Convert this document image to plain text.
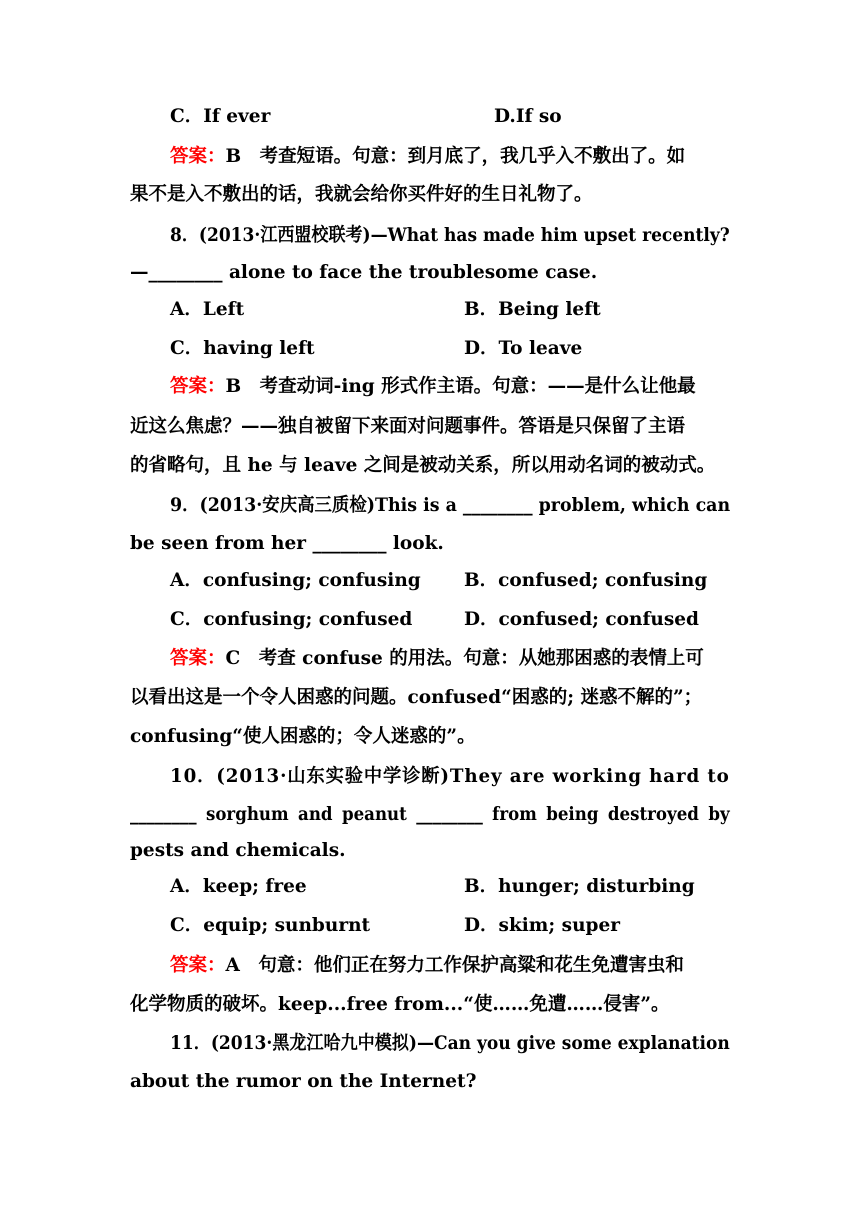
C．If ever	D.If so
答案：B　考查短语。句意：到月底了，我几乎入不敷出了。如
果不是入不敷出的话，我就会给你买件好的生日礼物了。
8．(2013·江西盟校联考)—What has made him upset recently?
—________ alone to face the troublesome case.
A．Left	B．Being left
C．having left	D．To leave
答案：B　考查动词-ing 形式作主语。句意：——是什么让他最
近这么焦虑？——独自被留下来面对问题事件。答语是只保留了主语
的省略句，且 he 与 leave 之间是被动关系，所以用动名词的被动式。
9．(2013·安庆高三质检)This is a ________ problem, which can
be seen from her ________ look.
A．confusing; confusing B．confused; confusing
C．confusing; confused	D．confused; confused
答案：C　考查 confuse 的用法。句意：从她那困惑的表情上可
以看出这是一个令人困惑的问题。confused“困惑的; 迷惑不解的”；
confusing“使人困惑的；令人迷惑的”。
10．(2013·山东实验中学诊断)They are working hard to
________ sorghum and peanut ________ from being destroyed by
pests and chemicals.
A．keep; free	B．hunger; disturbing
C．equip; sunburnt	D．skim; super
答案：A　句意：他们正在努力工作保护高粱和花生免遭害虫和
化学物质的破坏。keep...free from...“使……免遭……侵害”。
11．(2013·黑龙江哈九中模拟)—Can you give some explanation
about the rumor on the Internet?
